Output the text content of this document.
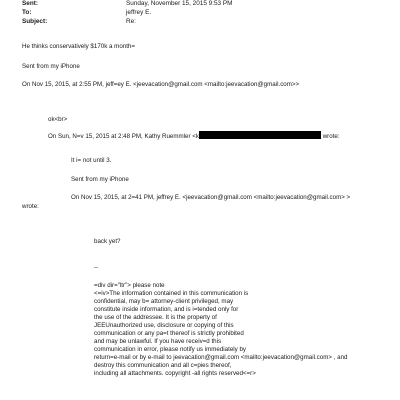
Sent:	Sunday, November 15, 2015 9:53 PM
To:	jeffrey E.
Subject:	Re:
He thinks conservatively $170k a month=
Sent from my iPhone
On Nov 15, 2015, at 2:55 PM, jeff=ey E. <jeevacation@gmail.com <mailto:jeevacation@gmail.com>>
ok<br>
On Sun, N=v 15, 2015 at 2:48 PM, Kathy Ruemmler <k	wrote:
It i= not until 3.
Sent from my iPhone
On Nov 15, 2015, at 2=41 PM, jeffrey E. <jeevacation@gmail.com <mailto:jeevacation@gmail.com> >
wrote:
back yet?
--
=div dir="ltr"> please note
<=iv>The information contained in this communication is
confidential, may b= attorney-client privileged, may
constitute inside information, and is i=tended only for
the use of the addressee. It is the property of
JEEUnauthorized use, disclosure or copying of this
communication or any pa=t thereof is strictly prohibited
and may be unlawful. If you have receiv=d this
communication in error, please notify us immediately by
return=e-mail or by e-mail to jeevacation@gmail.com <mailto:jeevacation@gmail.com> , and
destroy this communication and all c=pies thereof,
including all attachments. copyright -all rights reserved<=r>
